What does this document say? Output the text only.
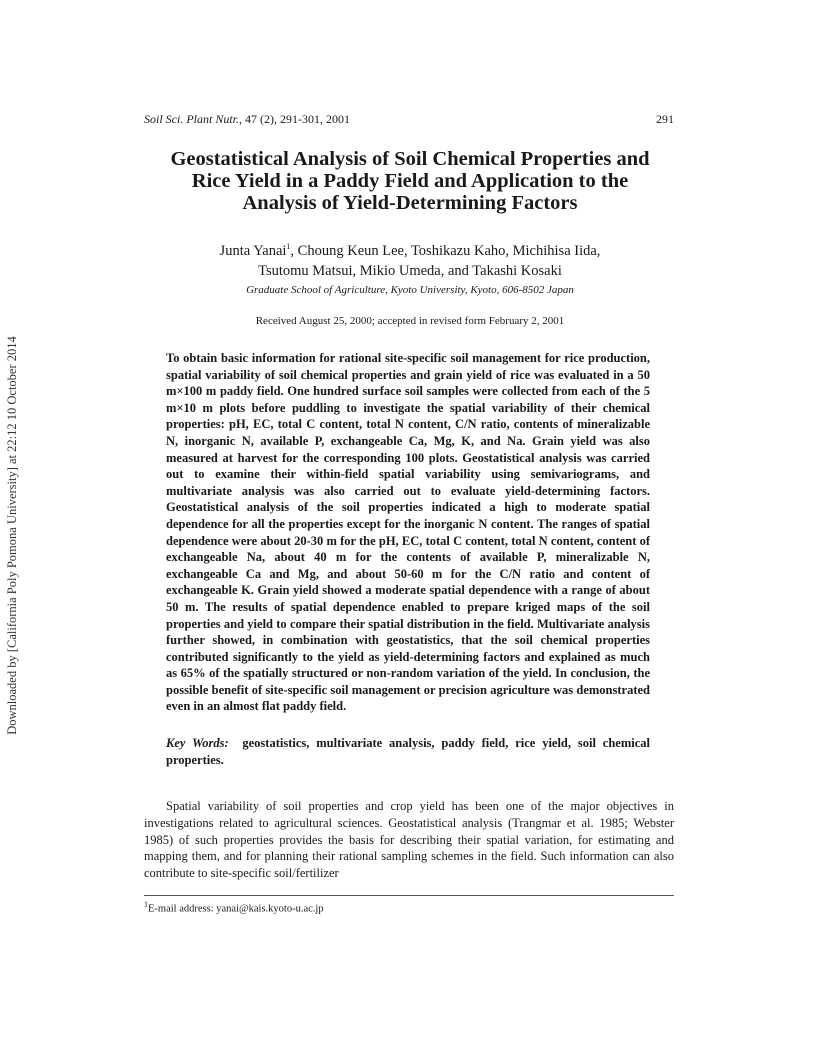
Downloaded by [California Poly Pomona University] at 22:12 10 October 2014
Soil Sci. Plant Nutr., 47 (2), 291-301, 2001	291
Geostatistical Analysis of Soil Chemical Properties and
Rice Yield in a Paddy Field and Application to the
Analysis of Yield-Determining Factors
Junta Yanai$^1$, Choung Keun Lee, Toshikazu Kaho, Michihisa Iida,
Tsutomu Matsui, Mikio Umeda, and Takashi Kosaki
Graduate School of Agriculture, Kyoto University, Kyoto, 606-8502 Japan
Received August 25, 2000; accepted in revised form February 2, 2001

To obtain basic information for rational site-specific soil management for rice production, spatial variability of soil chemical properties and grain yield of rice was evaluated in a 50 m×100 m paddy field. One hundred surface soil samples were collected from each of the 5 m×10 m plots before puddling to investigate the spatial variability of their chemical properties: pH, EC, total C content, total N content, C/N ratio, contents of mineralizable N, inorganic N, available P, exchangeable Ca, Mg, K, and Na. Grain yield was also measured at harvest for the corresponding 100 plots. Geostatistical analysis was carried out to examine their within-field spatial variability using semivariograms, and multivariate analysis was also carried out to evaluate yield-determining factors. Geostatistical analysis of the soil properties indicated a high to moderate spatial dependence for all the properties except for the inorganic N content. The ranges of spatial dependence were about 20-30 m for the pH, EC, total C content, total N content, content of exchangeable Na, about 40 m for the contents of available P, mineralizable N, exchangeable Ca and Mg, and about 50-60 m for the C/N ratio and content of exchangeable K. Grain yield showed a moderate spatial dependence with a range of about 50 m. The results of spatial dependence enabled to prepare kriged maps of the soil properties and yield to compare their spatial distribution in the field. Multivariate analysis further showed, in combination with geostatistics, that the soil chemical properties contributed significantly to the yield as yield-determining factors and explained as much as 65% of the spatially structured or non-random variation of the yield. In conclusion, the possible benefit of site-specific soil management or precision agriculture was demonstrated even in an almost flat paddy field.

Key Words: geostatistics, multivariate analysis, paddy field, rice yield, soil chemical properties.

Spatial variability of soil properties and crop yield has been one of the major objectives in investigations related to agricultural sciences. Geostatistical analysis (Trangmar et al. 1985; Webster 1985) of such properties provides the basis for describing their spatial variation, for estimating and mapping them, and for planning their rational sampling schemes in the field. Such information can also contribute to site-specific soil/fertilizer

$^1$E-mail address: yanai@kais.kyoto-u.ac.jp
